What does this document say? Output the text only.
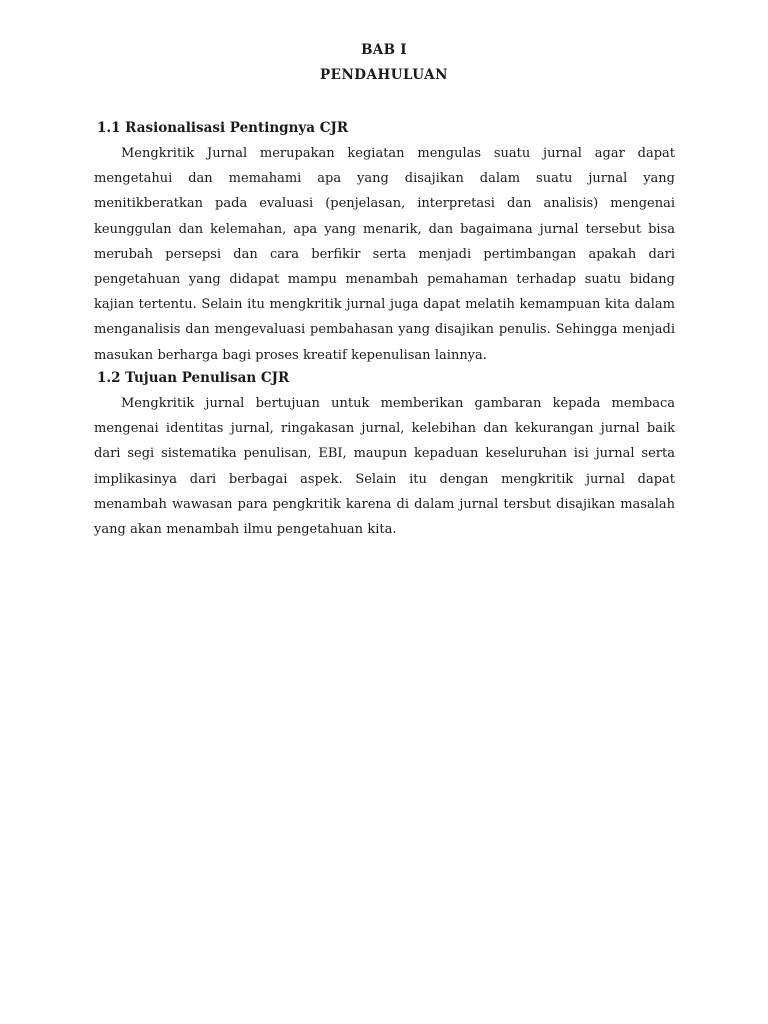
BAB I
PENDAHULUAN
1.1 Rasionalisasi Pentingnya CJR

Mengkritik Jurnal merupakan kegiatan mengulas suatu jurnal agar dapat mengetahui dan memahami apa yang disajikan dalam suatu jurnal yang menitikberatkan pada evaluasi (penjelasan, interpretasi dan analisis) mengenai keunggulan dan kelemahan, apa yang menarik, dan bagaimana jurnal tersebut bisa merubah persepsi dan cara berfikir serta menjadi pertimbangan apakah dari pengetahuan yang didapat mampu menambah pemahaman terhadap suatu bidang kajian tertentu. Selain itu mengkritik jurnal juga dapat melatih kemampuan kita dalam menganalisis dan mengevaluasi pembahasan yang disajikan penulis. Sehingga menjadi masukan berharga bagi proses kreatif kepenulisan lainnya.

1.2 Tujuan Penulisan CJR

Mengkritik jurnal bertujuan untuk memberikan gambaran kepada membaca mengenai identitas jurnal, ringakasan jurnal, kelebihan dan kekurangan jurnal baik dari segi sistematika penulisan, EBI, maupun kepaduan keseluruhan isi jurnal serta implikasinya dari berbagai aspek. Selain itu dengan mengkritik jurnal dapat menambah wawasan para pengkritik karena di dalam jurnal tersbut disajikan masalah yang akan menambah ilmu pengetahuan kita.
